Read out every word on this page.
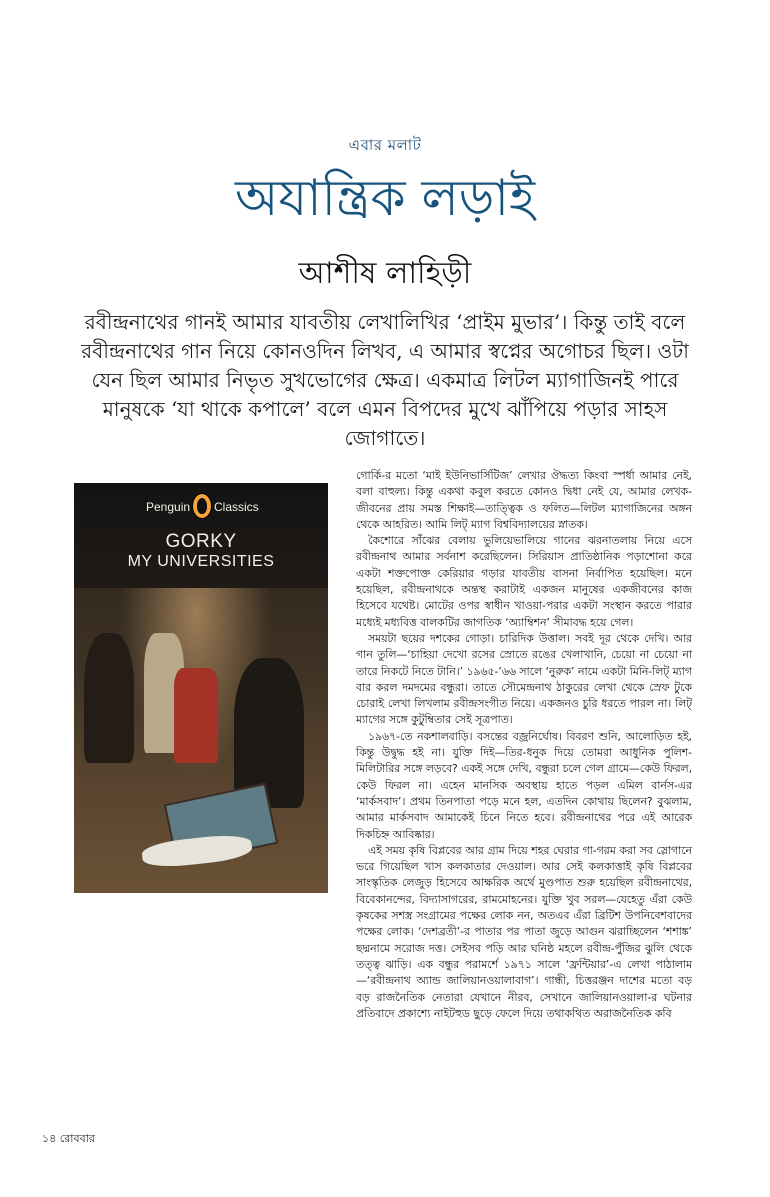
এবার মলাট
অযান্ত্রিক লড়াই
আশীষ লাহিড়ী

রবীন্দ্রনাথের গানই আমার যাবতীয় লেখালিখির ‘প্রাইম মুভার’। কিন্তু তাই বলে রবীন্দ্রনাথের গান নিয়ে কোনওদিন লিখব, এ আমার স্বপ্নের অগোচর ছিল। ওটা যেন ছিল আমার নিভৃত সুখভোগের ক্ষেত্র। একমাত্র লিটল ম্যাগাজিনই পারে মানুষকে ‘যা থাকে কপালে’ বলে এমন বিপদের মুখে ঝাঁপিয়ে পড়ার সাহস জোগাতে।

Penguin Classics
GORKY
MY UNIVERSITIES

গোর্কি-র মতো ‘মাই ইউনিভার্সিটিজ’ লেখার ঔদ্ধত্য কিংবা স্পর্ধা আমার নেই, বলা বাহুল্য। কিন্তু একথা কবুল করতে কোনও দ্বিধা নেই যে, আমার লেখক-জীবনের প্রায় সমস্ত শিক্ষাই—তাত্ত্বিক ও ফলিত—লিটল ম্যাগাজিনের অঙ্গন থেকে আহরিত। আমি লিট্‌ ম্যাগ বিশ্ববিদ্যালয়ের স্নাতক।

কৈশোরে সাঁঝের বেলায় ভুলিয়েভালিয়ে গানের ঝরনাতলায় নিয়ে এসে রবীন্দ্রনাথ আমার সর্বনাশ করেছিলেন। সিরিয়াস প্রাতিষ্ঠানিক পড়াশোনা করে একটা শক্তপোক্ত কেরিয়ার গড়ার যাবতীয় বাসনা নির্বাপিত হয়েছিল। মনে হয়েছিল, রবীন্দ্রনাথকে অন্তস্থ করাটাই একজন মানুষের একজীবনের কাজ হিসেবে যথেষ্ট। মোটের ওপর স্বাধীন খাওয়া-পরার একটা সংস্থান করতে পারার মধ্যেই মধ্যবিত্ত বালকটির জাগতিক ‘অ্যাম্বিশন’ সীমাবদ্ধ হয়ে গেল।

সময়টা ছয়ের দশকের গোড়া। চারিদিক উত্তাল। সবই দূর থেকে দেখি। আর গান তুলি—‘চাহিয়া দেখো রসের স্রোতে রঙের খেলাখানি, চেয়ো না চেয়ো না তারে নিকটে নিতে টানি।’ ১৯৬৫-’৬৬ সালে ‘নুরুক’ নামে একটা মিনি-লিট্‌ ম্যাগ বার করল দমদমের বন্ধুরা। তাতে সৌমেন্দ্রনাথ ঠাকুরের লেখা থেকে স্রেফ টুকে চোরাই লেখা লিখলাম রবীন্দ্রসংগীত নিয়ে। একজনও চুরি ধরতে পারল না। লিট্‌ ম্যাগের সঙ্গে কুটুম্বিতার সেই সূত্রপাত।

১৯৬৭-তে নকশালবাড়ি। বসন্তের বজ্রনির্ঘোষ। বিবরণ শুনি, আলোড়িত হই, কিন্তু উদ্বুদ্ধ হই না। যুক্তি দিই—তির-ধনুক দিয়ে তোমরা আধুনিক পুলিশ-মিলিটারির সঙ্গে লড়বে? একই সঙ্গে দেখি, বন্ধুরা চলে গেল গ্রামে—কেউ ফিরল, কেউ ফিরল না। এহেন মানসিক অবস্থায় হাতে পড়ল এমিল বার্নস-এর ‘মার্কসবাদ’। প্রথম তিনপাতা পড়ে মনে হল, এতদিন কোথায় ছিলেন? বুঝলাম, আমার মার্কসবাদ আমাকেই চিনে নিতে হবে। রবীন্দ্রনাথের পরে এই আরেক দিকচিহ্ন আবিষ্কার।

এই সময় কৃষি বিপ্লবের আর গ্রাম দিয়ে শহর ঘেরার গা-গরম করা সব স্লোগানে ভরে গিয়েছিল খাস কলকাতার দেওয়াল। আর সেই কলকাত্তাই কৃষি বিপ্লবের সাংস্কৃতিক লেজুড় হিসেবে আক্ষরিক অর্থে মুণ্ডপাত শুরু হয়েছিল রবীন্দ্রনাথের, বিবেকানন্দের, বিদ্যাসাগরের, রামমোহনের। যুক্তি খুব সরল—যেহেতু এঁরা কেউ কৃষকের সশস্ত্র সংগ্রামের পক্ষের লোক নন, অতএব এঁরা ব্রিটিশ উপনিবেশবাদের পক্ষের লোক। ‘দেশব্রতী’-র পাতার পর পাতা জুড়ে আগুন ঝরাচ্ছিলেন ‘শশাঙ্ক’ ছদ্মনামে সরোজ দত্ত। সেইসব পড়ি আর ঘনিষ্ঠ মহলে রবীন্দ্র-পুঁজির ঝুলি থেকে তত্ত্ব ঝাড়ি। এক বন্ধুর পরামর্শে ১৯৭১ সালে ‘ফ্রন্টিয়ার’-এ লেখা পাঠালাম—‘রবীন্দ্রনাথ অ্যান্ড জালিয়ানওয়ালাবাগ’। গান্ধী, চিত্তরঞ্জন দাশের মতো বড় বড় রাজনৈতিক নেতারা যেখানে নীরব, সেখানে জালিয়ানওয়ালা-র ঘটনার প্রতিবাদে প্রকাশ্যে নাইটহুড ছুড়ে ফেলে দিয়ে তথাকথিত অরাজনৈতিক কবি

১৪ রোববার
